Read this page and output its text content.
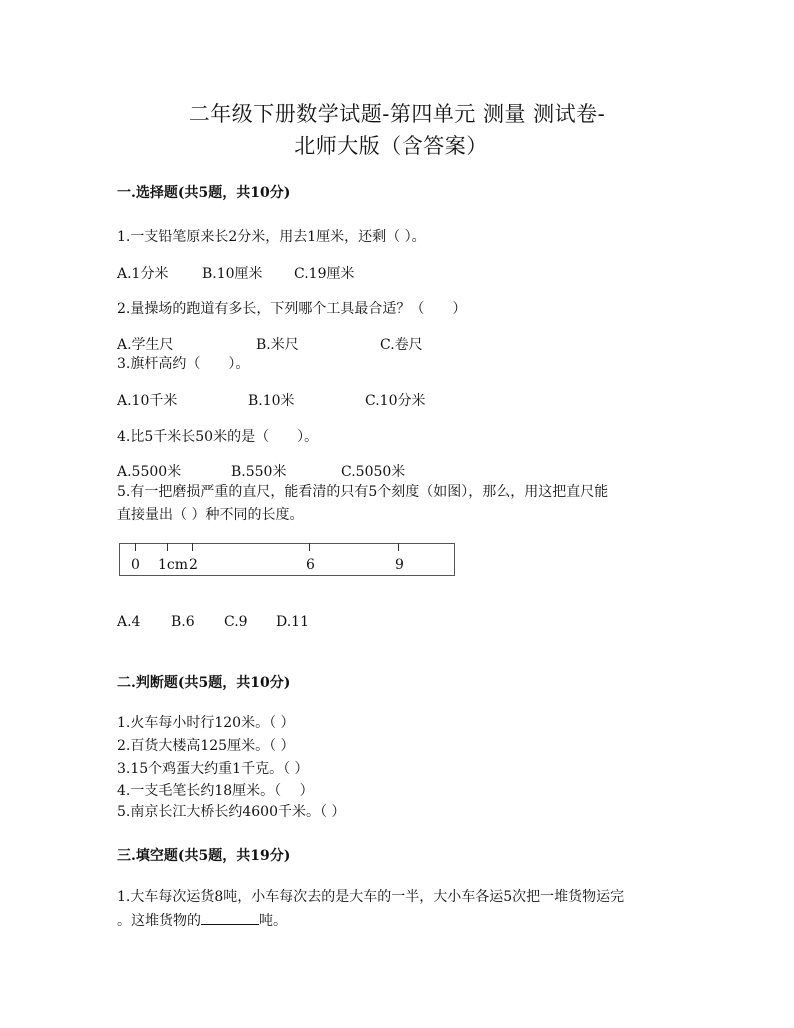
二年级下册数学试题-第四单元 测量 测试卷-
北师大版（含答案）
一.选择题(共5题，共10分)
1.一支铅笔原来长2分米，用去1厘米，还剩（ ）。
A.1分米 B.10厘米 C.19厘米
2.量操场的跑道有多长，下列哪个工具最合适？（　　）
A.学生尺	B.米尺	C.卷尺
3.旗杆高约（　　）。
A.10千米	B.10米	C.10分米
4.比5千米长50米的是（　　）。
A.5500米	B.550米	C.5050米
5.有一把磨损严重的直尺，能看清的只有5个刻度（如图），那么，用这把直尺能
直接量出（ ）种不同的长度。
0 1cm 2	6	9
A.4 B.6 C.9 D.11
二.判断题(共5题，共10分)
1.火车每小时行120米。（ ）
2.百货大楼高125厘米。（ ）
3.15个鸡蛋大约重1千克。（ ）
4.一支毛笔长约18厘米。（　 ）
5.南京长江大桥长约4600千米。（ ）
三.填空题(共5题，共19分)
1.大车每次运货8吨，小车每次去的是大车的一半，大小车各运5次把一堆货物运完
。这堆货物的	吨。
